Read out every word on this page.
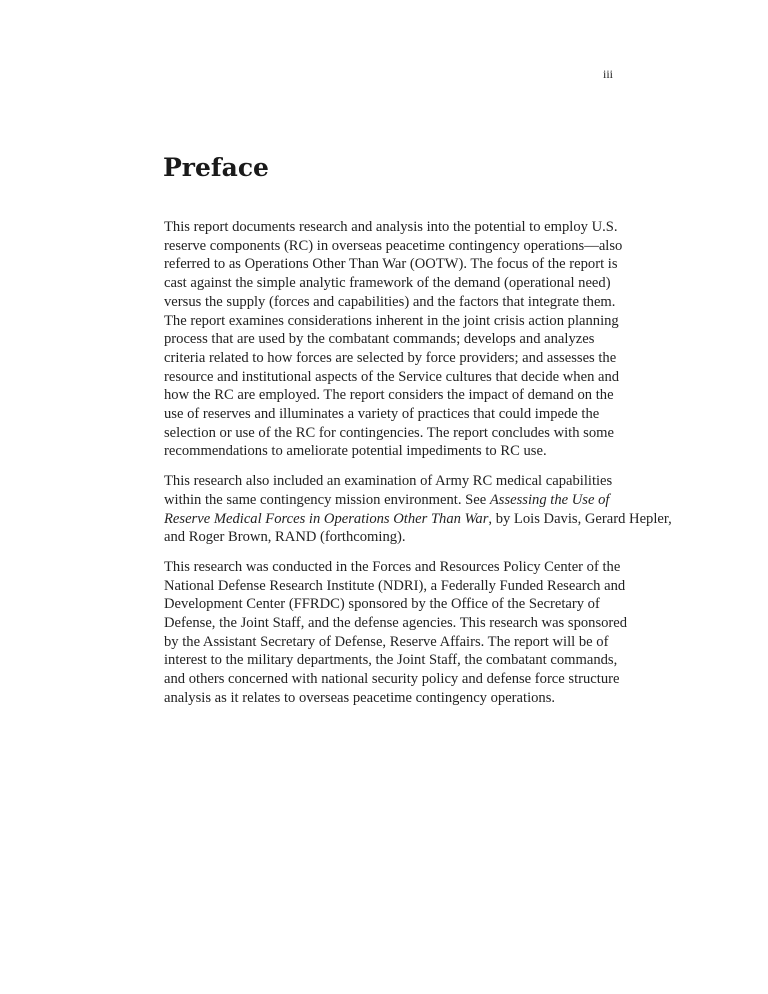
iii
Preface
This report documents research and analysis into the potential to employ U.S.
reserve components (RC) in overseas peacetime contingency operations—also
referred to as Operations Other Than War (OOTW). The focus of the report is
cast against the simple analytic framework of the demand (operational need)
versus the supply (forces and capabilities) and the factors that integrate them.
The report examines considerations inherent in the joint crisis action planning
process that are used by the combatant commands; develops and analyzes
criteria related to how forces are selected by force providers; and assesses the
resource and institutional aspects of the Service cultures that decide when and
how the RC are employed. The report considers the impact of demand on the
use of reserves and illuminates a variety of practices that could impede the
selection or use of the RC for contingencies. The report concludes with some
recommendations to ameliorate potential impediments to RC use.
This research also included an examination of Army RC medical capabilities
within the same contingency mission environment. See Assessing the Use of
Reserve Medical Forces in Operations Other Than War, by Lois Davis, Gerard Hepler,
and Roger Brown, RAND (forthcoming).
This research was conducted in the Forces and Resources Policy Center of the
National Defense Research Institute (NDRI), a Federally Funded Research and
Development Center (FFRDC) sponsored by the Office of the Secretary of
Defense, the Joint Staff, and the defense agencies. This research was sponsored
by the Assistant Secretary of Defense, Reserve Affairs. The report will be of
interest to the military departments, the Joint Staff, the combatant commands,
and others concerned with national security policy and defense force structure
analysis as it relates to overseas peacetime contingency operations.
